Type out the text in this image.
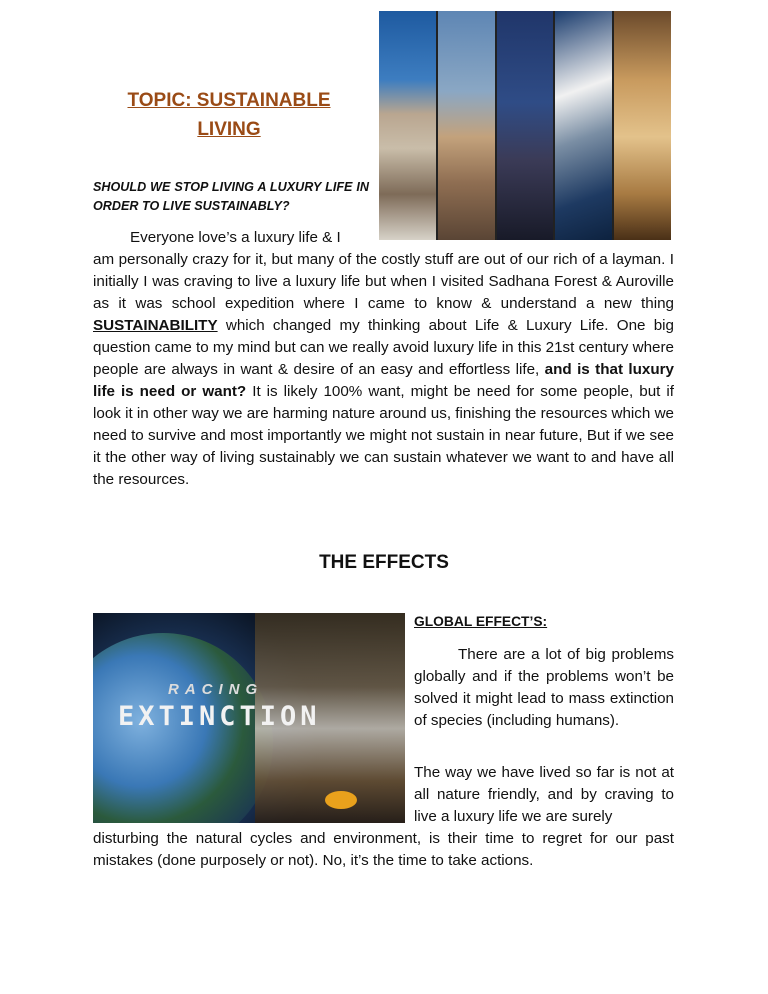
TOPIC: SUSTAINABLE
LIVING
SHOULD WE STOP LIVING A LUXURY LIFE IN ORDER TO LIVE SUSTAINABLY?
Everyone love’s a luxury life & I
am personally crazy for it, but many of the costly stuff are out of our rich of a layman. I initially I was craving to live a luxury life but when I visited Sadhana Forest & Auroville as it was school expedition where I came to know & understand a new thing SUSTAINABILITY which changed my thinking about Life & Luxury Life. One big question came to my mind but can we really avoid luxury life in this 21st century where people are always in want & desire of an easy and effortless life, and is that luxury life is need or want? It is likely 100% want, might be need for some people, but if look it in other way we are harming nature around us, finishing the resources which we need to survive and most importantly we might not sustain in near future, But if we see it the other way of living sustainably we can sustain whatever we want to and have all the resources.
THE EFFECTS
RACING
EXTINCTION
GLOBAL EFFECT’S:
There are a lot of big problems globally and if the problems won’t be solved it might lead to mass extinction of species (including humans).
The way we have lived so far is not at all nature friendly, and by craving to live a luxury life we are surely
disturbing the natural cycles and environment, is their time to regret for our past mistakes (done purposely or not). No, it’s the time to take actions.
